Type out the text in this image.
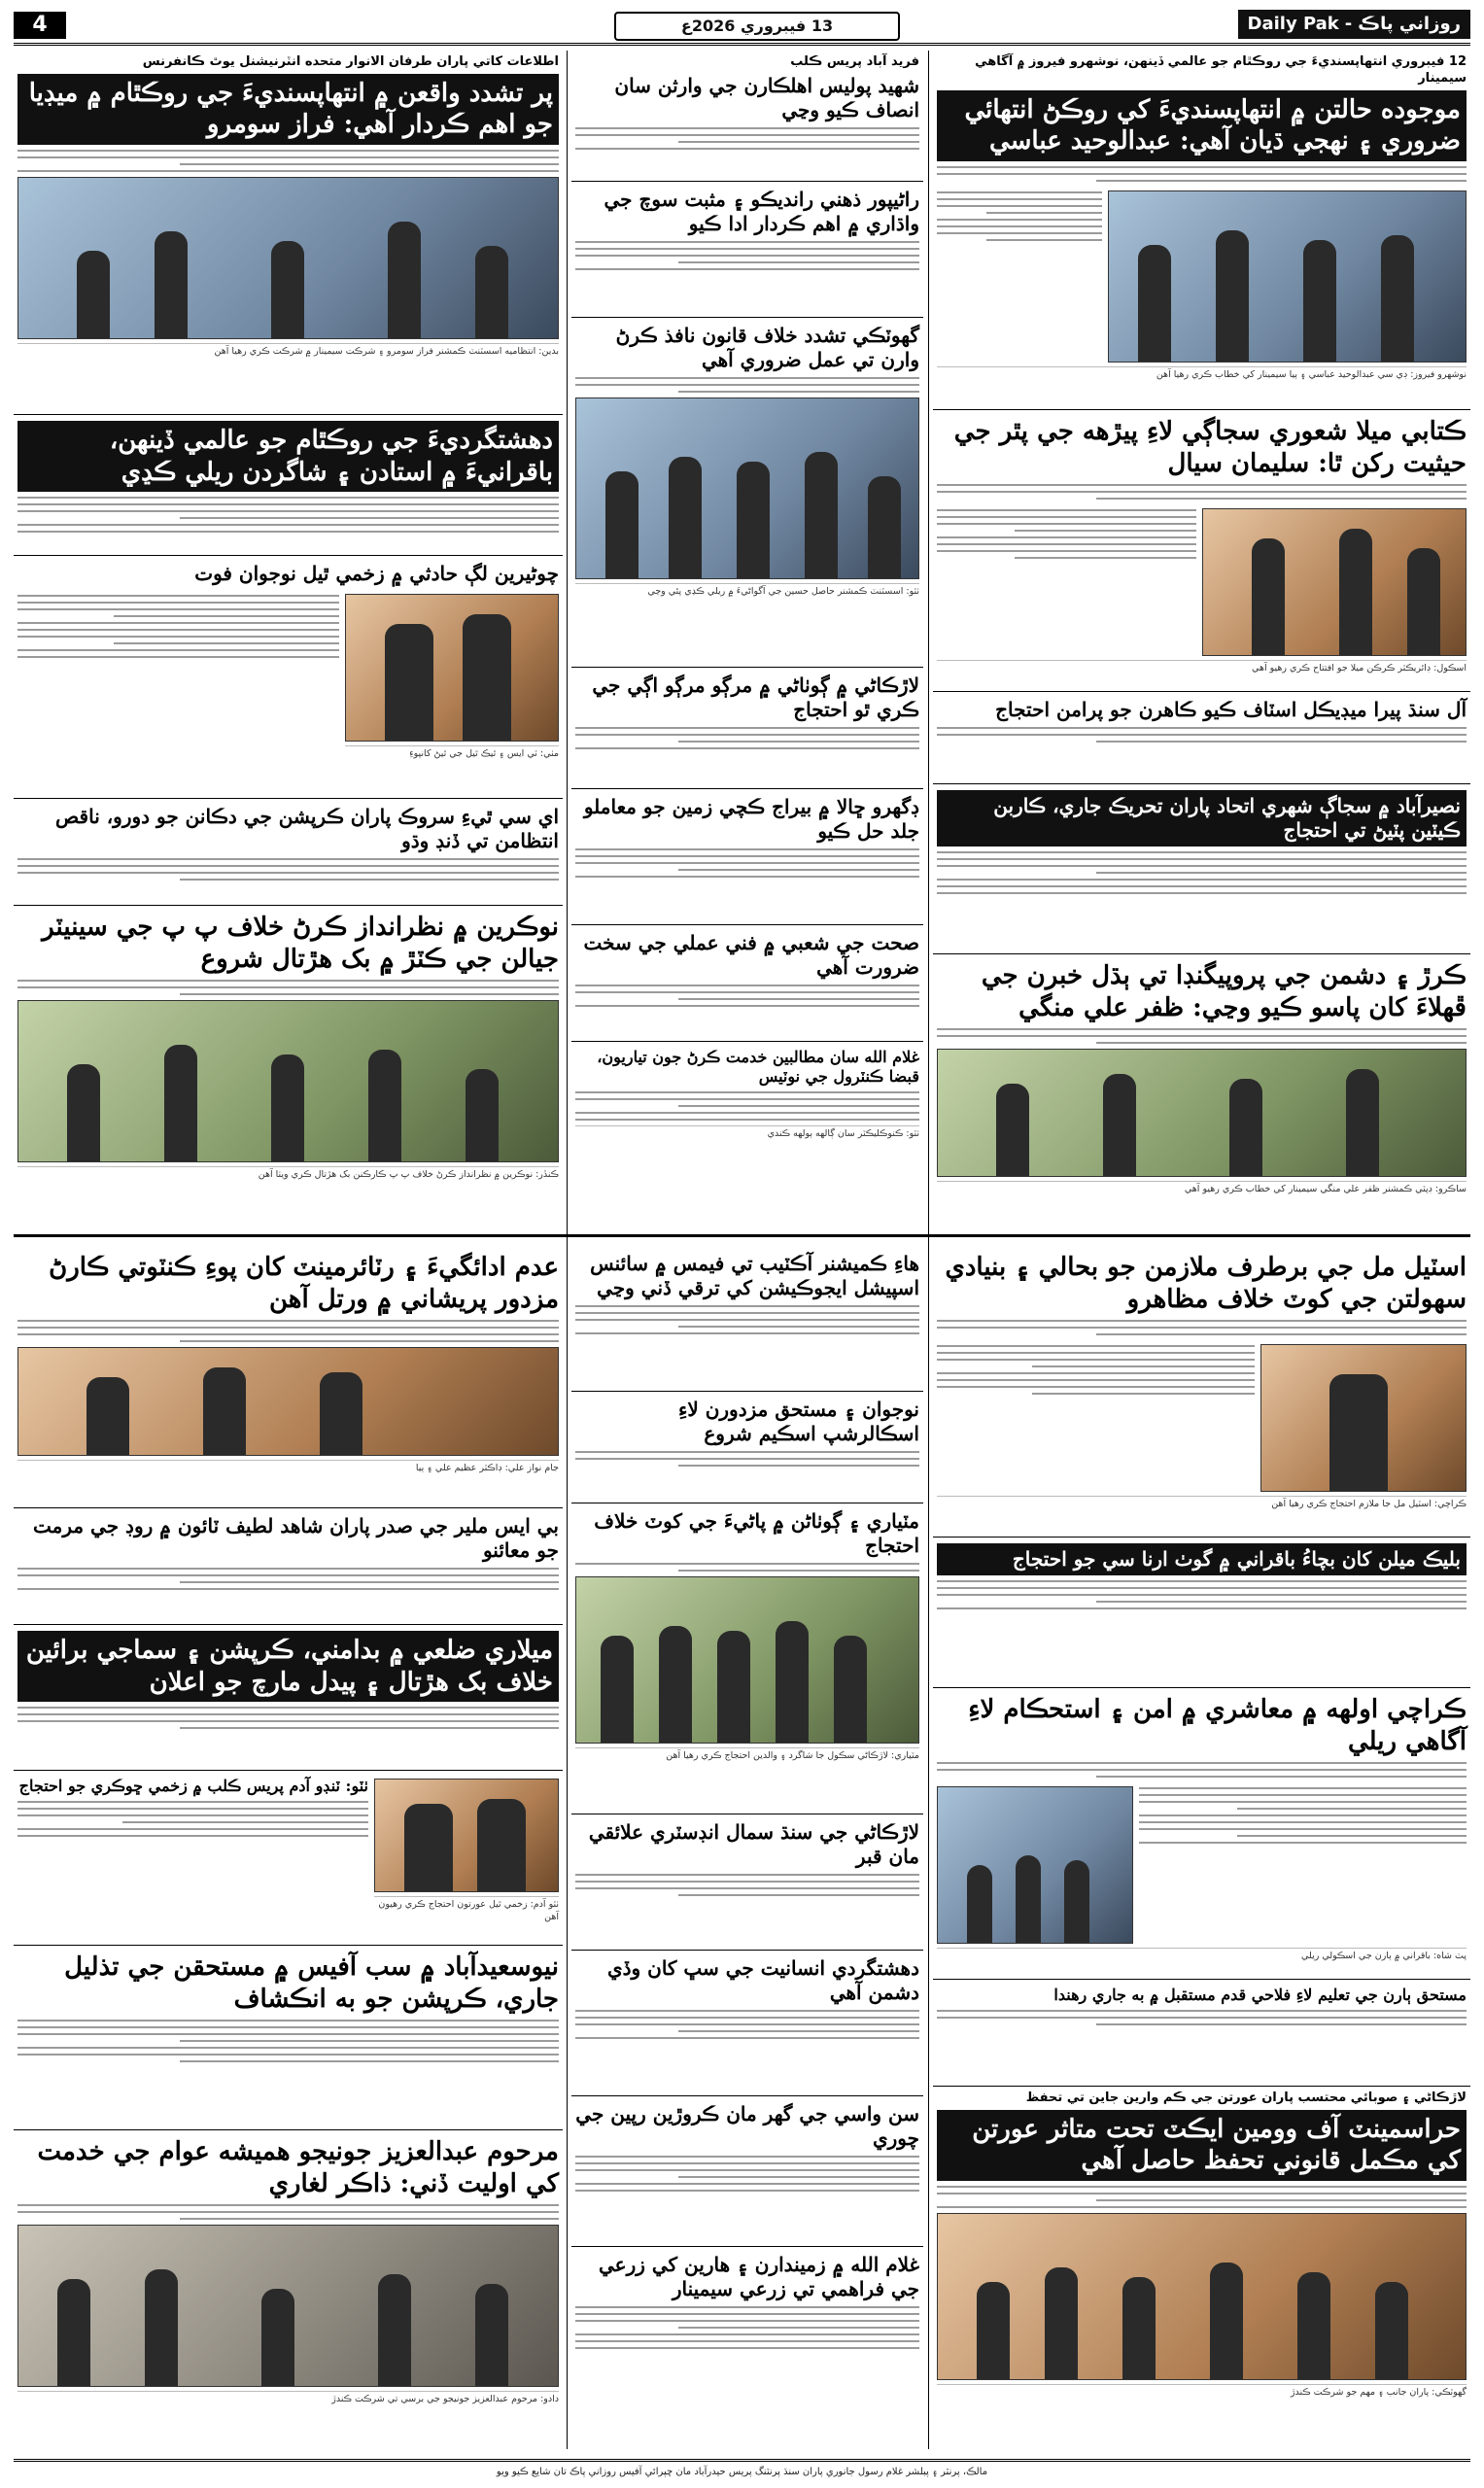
4	13 فيبروري 2026ع	Daily Pak - روزاني پاڪ
اطلاعات کاتي پاران طرفان الانوار متحده انٽرنيشنل يوٿ ڪانفرنس
پر تشدد واقعن ۾ انتهاپسنديءَ جي روڪٿام ۾ ميڊيا جو اهم ڪردار آهي: فراز سومرو
بدين: انتظاميه اسسٽنٽ ڪمشنر فراز سومرو ۽ شرڪت سيمينار ۾ شرڪت ڪري رهيا آهن
دهشتگرديءَ جي روڪٿام جو عالمي ڏينهن، باقرانيءَ ۾ استادن ۽ شاگردن ريلي ڪڍي
چوڻيرين لڳ حادثي ۾ زخمي ٿيل نوجوان فوت
مٺي: ٽي ايس ۽ ٿيڪ ٿيل جي ٿيڻ کانپوءِ
اي سي ٿيءِ سروڪ پاران ڪرپشن جي دڪانن جو دورو، ناقص انتظامن تي ڏنڊ وڌو
نوڪرين ۾ نظرانداز ڪرڻ خلاف پ پ جي سينيٽر جيالن جي ڪٽڙ ۾ بک هڙتال شروع
ڪنڏر: نوڪرين ۾ نظرانداز ڪرڻ خلاف پ پ ڪارڪنن بک هڙتال ڪري ويٺا آهن
فريد آباد پريس ڪلب
شهيد پوليس اهلڪارن جي وارثن سان انصاف ڪيو وڃي
راڻيپور ذهني رانديڪو ۽ مثبت سوچ جي واڌاري ۾ اهم ڪردار ادا ڪيو
گهوٽڪي تشدد خلاف قانون نافذ ڪرڻ وارن تي عمل ضروري آهي
ٺٽو: اسسٽنٽ ڪمشنر حاصل حسين جي آگواڻيءَ ۾ ريلي ڪڍي پئي وڃي
لاڙڪاڻي ۾ ڳوٺاڻي ۾ مرڳو مرڳو اڳي جي ڪري ٿو احتجاج
ڊگھرو ڇالا ۾ بيراج ڪچي زمين جو معاملو جلد حل ڪيو
صحت جي شعبي ۾ فني عملي جي سخت ضرورت آهي
غلام الله سان مطالبين خدمت ڪرڻ جون تياريون، قبضا ڪنٽرول جي نوٽيس
ٺٽو: ڪنوڪليڪٽر سان ڳالهه ٻولهه ڪندي
12 فيبروري انتهاپسنديءَ جي روڪٿام جو عالمي ڏينهن، نوشهرو فيروز ۾ آگاهي سيمينار
موجوده حالتن ۾ انتهاپسنديءَ کي روڪڻ انتهائي ضروري ۽ نهجي ڌيان آهي: عبدالوحيد عباسي
نوشهرو فيروز: ڊي سي عبدالوحيد عباسي ۽ ٻيا سيمينار کي خطاب ڪري رهيا آهن
ڪتابي ميلا شعوري سجاڳي لاءِ پيڙهه جي پٿر جي حيثيت رکن ٿا: سليمان سيال
اسڪول: ڊائريڪٽر ڪرڪن ميلا جو افتتاح ڪري رهيو آهي
آل سنڌ پيرا ميڊيڪل اسٽاف ڪيو ڪاهرن جو پرامن احتجاج
نصيرآباد ۾ سجاڳ شهري اتحاد پاران تحريڪ جاري، ڪاربن ڪيٽين پٽيڻ تي احتجاج
ڪرڙ ۽ دشمن جي پروپيگنڊا تي ٻڌل خبرن جي ڦهلاءَ کان پاسو ڪيو وڃي: ظفر علي منگي
ساڪرو: ڊپٽي ڪمشنر ظفر علي منگي سيمينار کي خطاب ڪري رهيو آهي
عدم ادائگيءَ ۽ رٽائرمينٽ کان پوءِ ڪنٽوتي ڪارڻ مزدور پريشاني ۾ ورتل آهن
جام نواز علي: ڊاڪٽر عظيم علي ۽ ٻيا
بي ايس ملير جي صدر پاران شاهد لطيف ٽائون ۾ روڊ جي مرمت جو معائنو
ميلاري ضلعي ۾ بدامني، ڪرپشن ۽ سماجي برائين خلاف بک هڙتال ۽ پيدل مارچ جو اعلان
ٺٽو: ٽنڊو آدم پريس ڪلب ۾ زخمي ڇوڪري جو احتجاج
ٺٽو آدم: زخمي ٿيل عورتون احتجاج ڪري رهيون آهن
نيوسعيدآباد ۾ سب آفيس ۾ مستحقن جي تذليل جاري، ڪرپشن جو به انڪشاف
مرحوم عبدالعزيز جونيجو هميشه عوام جي خدمت کي اوليت ڏني: ذاڪر لغاري
دادو: مرحوم عبدالعزيز جونيجو جي برسي تي شرڪت ڪندڙ
هاءِ ڪميشنر آڪٽيب تي فيمس ۾ سائنس اسپيشل ايجوڪيشن کي ترقي ڏني وڃي
نوجوان ۽ مستحق مزدورن لاءِ اسڪالرشپ اسڪيم شروع
مٽياري ۽ ڳوٺاڻن ۾ پاڻيءَ جي کوٽ خلاف احتجاج
مٽياري: لاڙڪاڻي سڪول جا شاگرد ۽ والدين احتجاج ڪري رهيا آهن
لاڙڪاڻي جي سنڌ سمال انڊسٽري علائقي مان قبر
دهشتگردي انسانيت جي سڀ کان وڏي دشمن آهي
سن واسي جي گهر مان ڪروڙين رپين جي چوري
غلام الله ۾ زميندارن ۽ هارين کي زرعي جي فراهمي تي زرعي سيمينار
اسٽيل مل جي برطرف ملازمن جو بحالي ۽ بنيادي سهولتن جي کوٽ خلاف مظاهرو
ڪراچي: اسٽيل مل جا ملازم احتجاج ڪري رهيا آهن
بليڪ ميلن کان بچاءُ باقراني ۾ گوٺ ارنا سي جو احتجاج
ڪراچي اولهه ۾ معاشري ۾ امن ۽ استحڪام لاءِ آگاهي ريلي
پٽ شاه: باقراني ۾ ٻارن جي اسڪولي ريلي
مستحق ٻارن جي تعليم لاءِ فلاحي قدم مستقبل ۾ به جاري رهندا
لاڙڪاڻي ۽ صوبائي محتسب پاران عورتن جي ڪم وارين جاين تي تحفظ
حراسمينٽ آف وومين ايڪٽ تحت متاثر عورتن کي مڪمل قانوني تحفظ حاصل آهي
گهوٽڪي: پاران جانب ۽ مهم جو شرڪت ڪندڙ
مالڪ، پرنٽر ۽ پبلشر غلام رسول جانوري پاران سنڌ پرنٽنگ پريس حيدرآباد مان ڇپرائي آفيس روزاني پاڪ تان شايع ڪيو ويو
